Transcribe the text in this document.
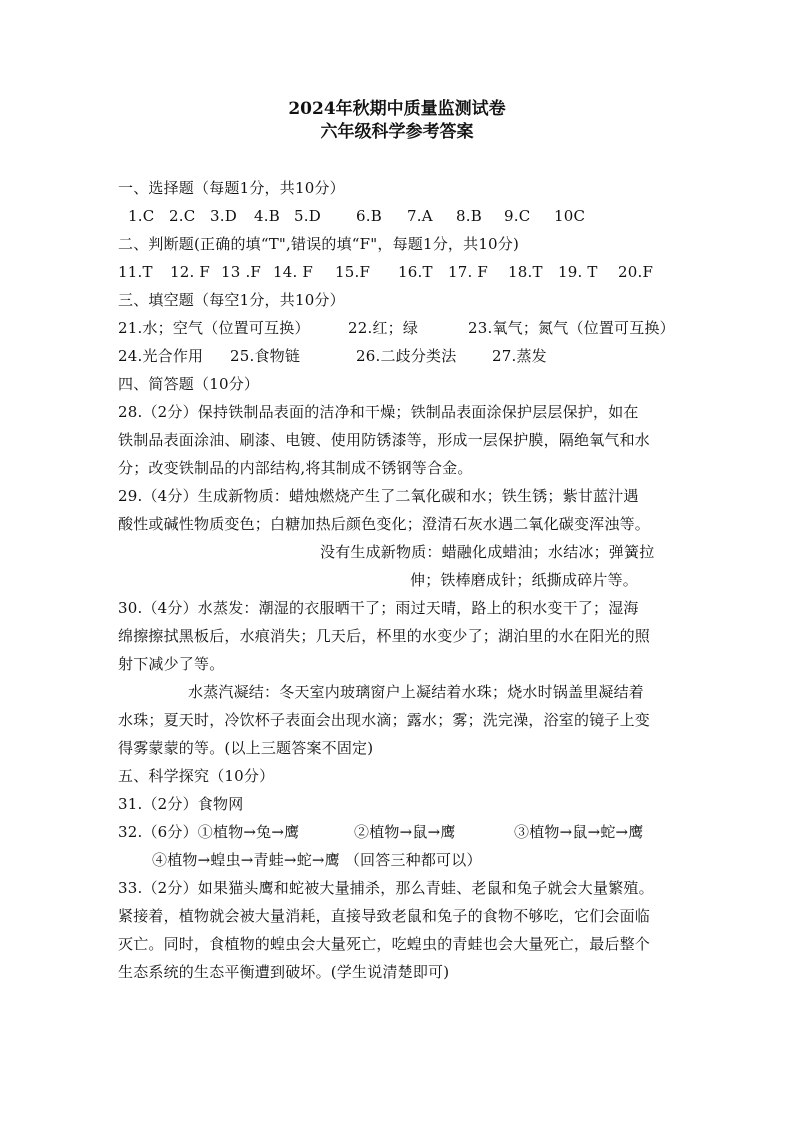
2024年秋期中质量监测试卷
六年级科学参考答案
一、选择题（每题1分，共10分）
1.C 2.C 3.D 4.B 5.D 6.B 7.A 8.B 9.C 10C
二、判断题(正确的填“T",错误的填“F"，每题1分，共10分)
11.T 12. F 13 .F 14. F 15.F 16.T 17. F 18.T 19. T 20.F
三、填空题（每空1分，共10分）
21.水；空气（位置可互换）	22.红；绿	23.氧气；氮气（位置可互换）
24.光合作用 25.食物链	26.二歧分类法 27.蒸发
四、简答题（10分）
28.（2分）保持铁制品表面的洁净和干燥；铁制品表面涂保护层层保护，如在
铁制品表面涂油、刷漆、电镀、使用防锈漆等，形成一层保护膜，隔绝氧气和水
分；改变铁制品的内部结构,将其制成不锈钢等合金。
29.（4分）生成新物质：蜡烛燃烧产生了二氧化碳和水；铁生锈；紫甘蓝汁遇
酸性或碱性物质变色；白糖加热后颜色变化；澄清石灰水遇二氧化碳变浑浊等。
没有生成新物质：蜡融化成蜡油；水结冰；弹簧拉
伸；铁棒磨成针；纸撕成碎片等。
30.（4分）水蒸发：潮湿的衣服晒干了；雨过天晴，路上的积水变干了；湿海
绵擦擦拭黑板后，水痕消失；几天后，杯里的水变少了；湖泊里的水在阳光的照
射下减少了等。
水蒸汽凝结：冬天室内玻璃窗户上凝结着水珠；烧水时锅盖里凝结着
水珠；夏天时，冷饮杯子表面会出现水滴；露水；雾；洗完澡，浴室的镜子上变
得雾蒙蒙的等。(以上三题答案不固定)
五、科学探究（10分）
31.（2分）食物网
32.（6分）①植物→兔→鹰	②植物→鼠→鹰	③植物→鼠→蛇→鹰
④植物→蝗虫→青蛙→蛇→鹰 （回答三种都可以）
33.（2分）如果猫头鹰和蛇被大量捕杀，那么青蛙、老鼠和兔子就会大量繁殖。
紧接着，植物就会被大量消耗，直接导致老鼠和兔子的食物不够吃，它们会面临
灭亡。同时，食植物的蝗虫会大量死亡，吃蝗虫的青蛙也会大量死亡，最后整个
生态系统的生态平衡遭到破坏。(学生说清楚即可)
